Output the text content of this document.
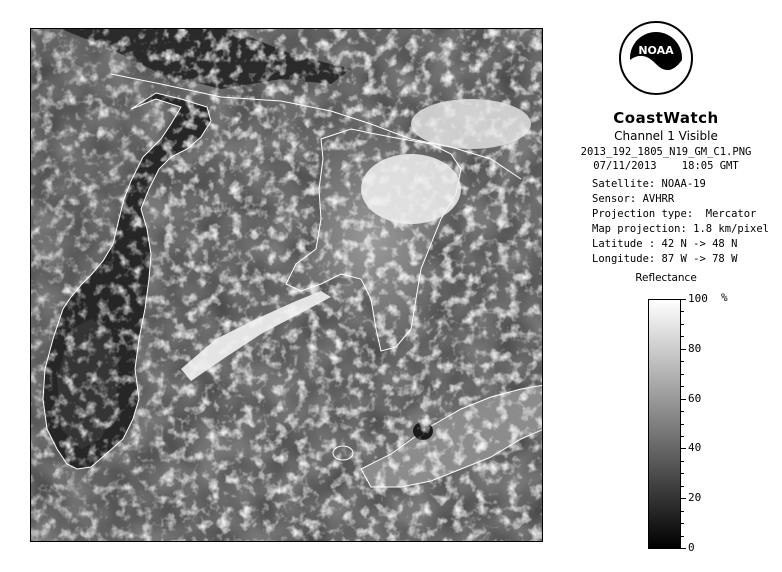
NOAA
CoastWatch
Channel 1 Visible
2013_192_1805_N19_GM_C1.PNG
07/11/2013    18:05 GMT
Satellite: NOAA-19
Sensor: AVHRR
Projection type:  Mercator
Map projection: 1.8 km/pixel
Latitude : 42 N -> 48 N
Longitude: 87 W -> 78 W
Reflectance
%
100
80
60
40
20
0
